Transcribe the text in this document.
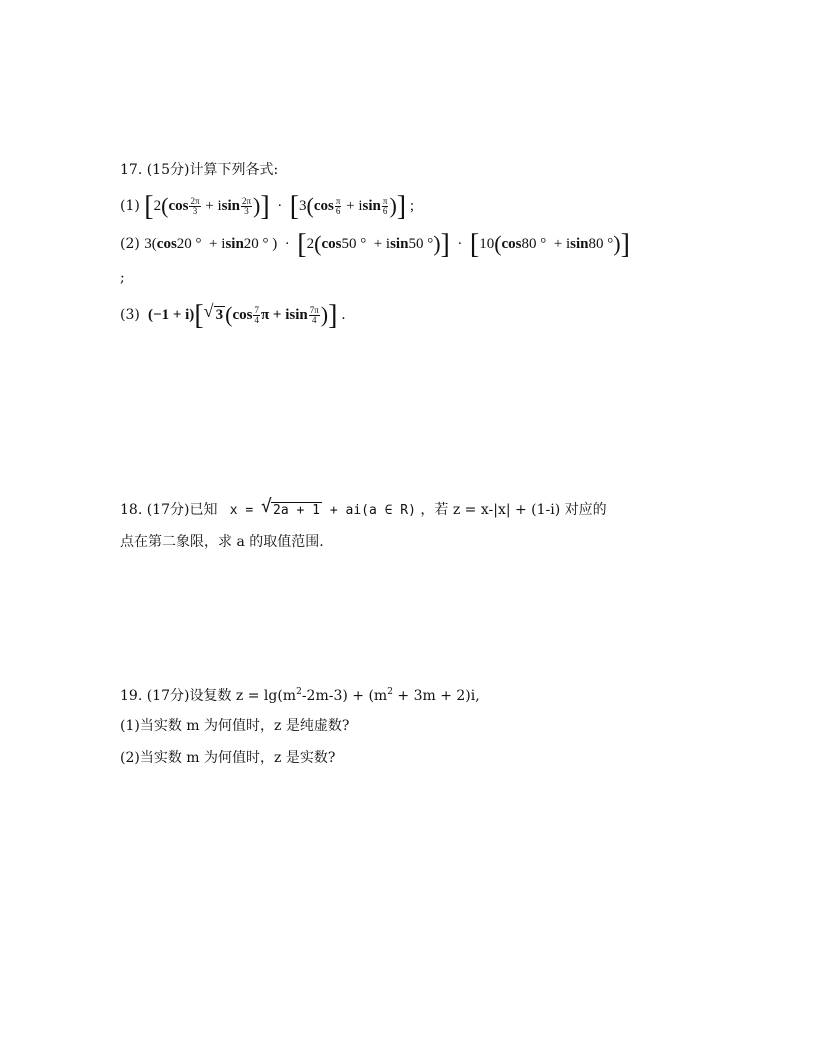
17. (15分)计算下列各式:
(1) [$2(\cos \frac{2\pi}{3} + isin \frac{2\pi}{3}$ )]  ·  [$3(\cos \frac{\pi}{6} + isin \frac{\pi}{6}$ )] ;
(2) 3(cos20 °  + isin20 ° )  ·  [2(cos50 °  + isin50 °)]  ·  [10(cos80 °  + isin80 °)]
;
(3)  (−1 + i)[ √ $3(\cos \frac{7}{4}$ π + isin $\frac{7\pi}{4}$ )] .
18. (17分)已知  x = √ 2a + 1 + ai(a ∈ R) ，若 z = x-|x| + (1-i) 对应的
点在第二象限，求 a 的取值范围.
19. (17分)设复数 $z = \lg(m^2-2m-3) + (m^2 + 3m + 2)i$,
(1)当实数 m 为何值时，z 是纯虚数?
(2)当实数 m 为何值时，z 是实数?
